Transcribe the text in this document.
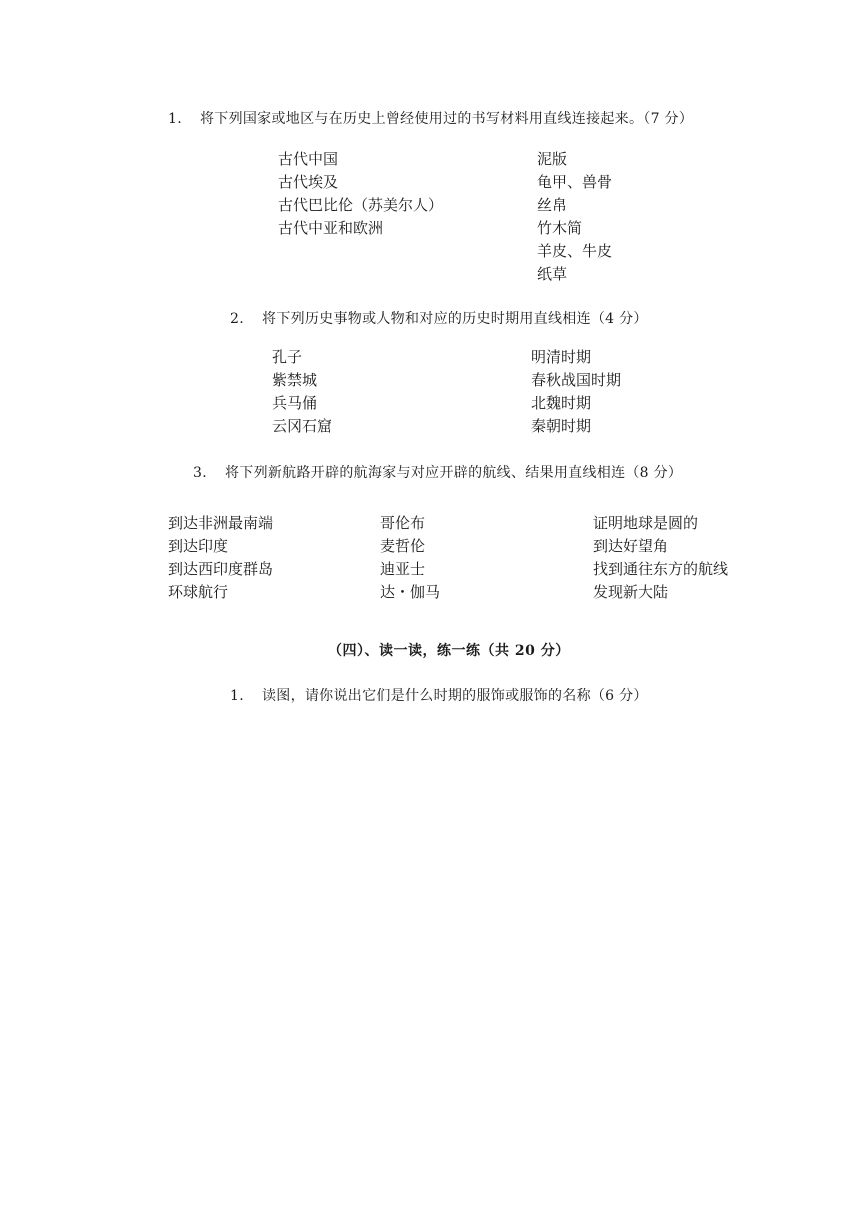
1. 将下列国家或地区与在历史上曾经使用过的书写材料用直线连接起来。（7 分）
古代中国
古代埃及
古代巴比伦（苏美尔人）
古代中亚和欧洲
泥版
龟甲、兽骨
丝帛
竹木简
羊皮、牛皮
纸草
2. 将下列历史事物或人物和对应的历史时期用直线相连（4 分）
孔子
紫禁城
兵马俑
云冈石窟
明清时期
春秋战国时期
北魏时期
秦朝时期
3. 将下列新航路开辟的航海家与对应开辟的航线、结果用直线相连（8 分）
到达非洲最南端
到达印度
到达西印度群岛
环球航行
哥伦布
麦哲伦
迪亚士
达・伽马
证明地球是圆的
到达好望角
找到通往东方的航线
发现新大陆
（四）、读一读，练一练（共 20 分）
1. 读图，请你说出它们是什么时期的服饰或服饰的名称（6 分）
